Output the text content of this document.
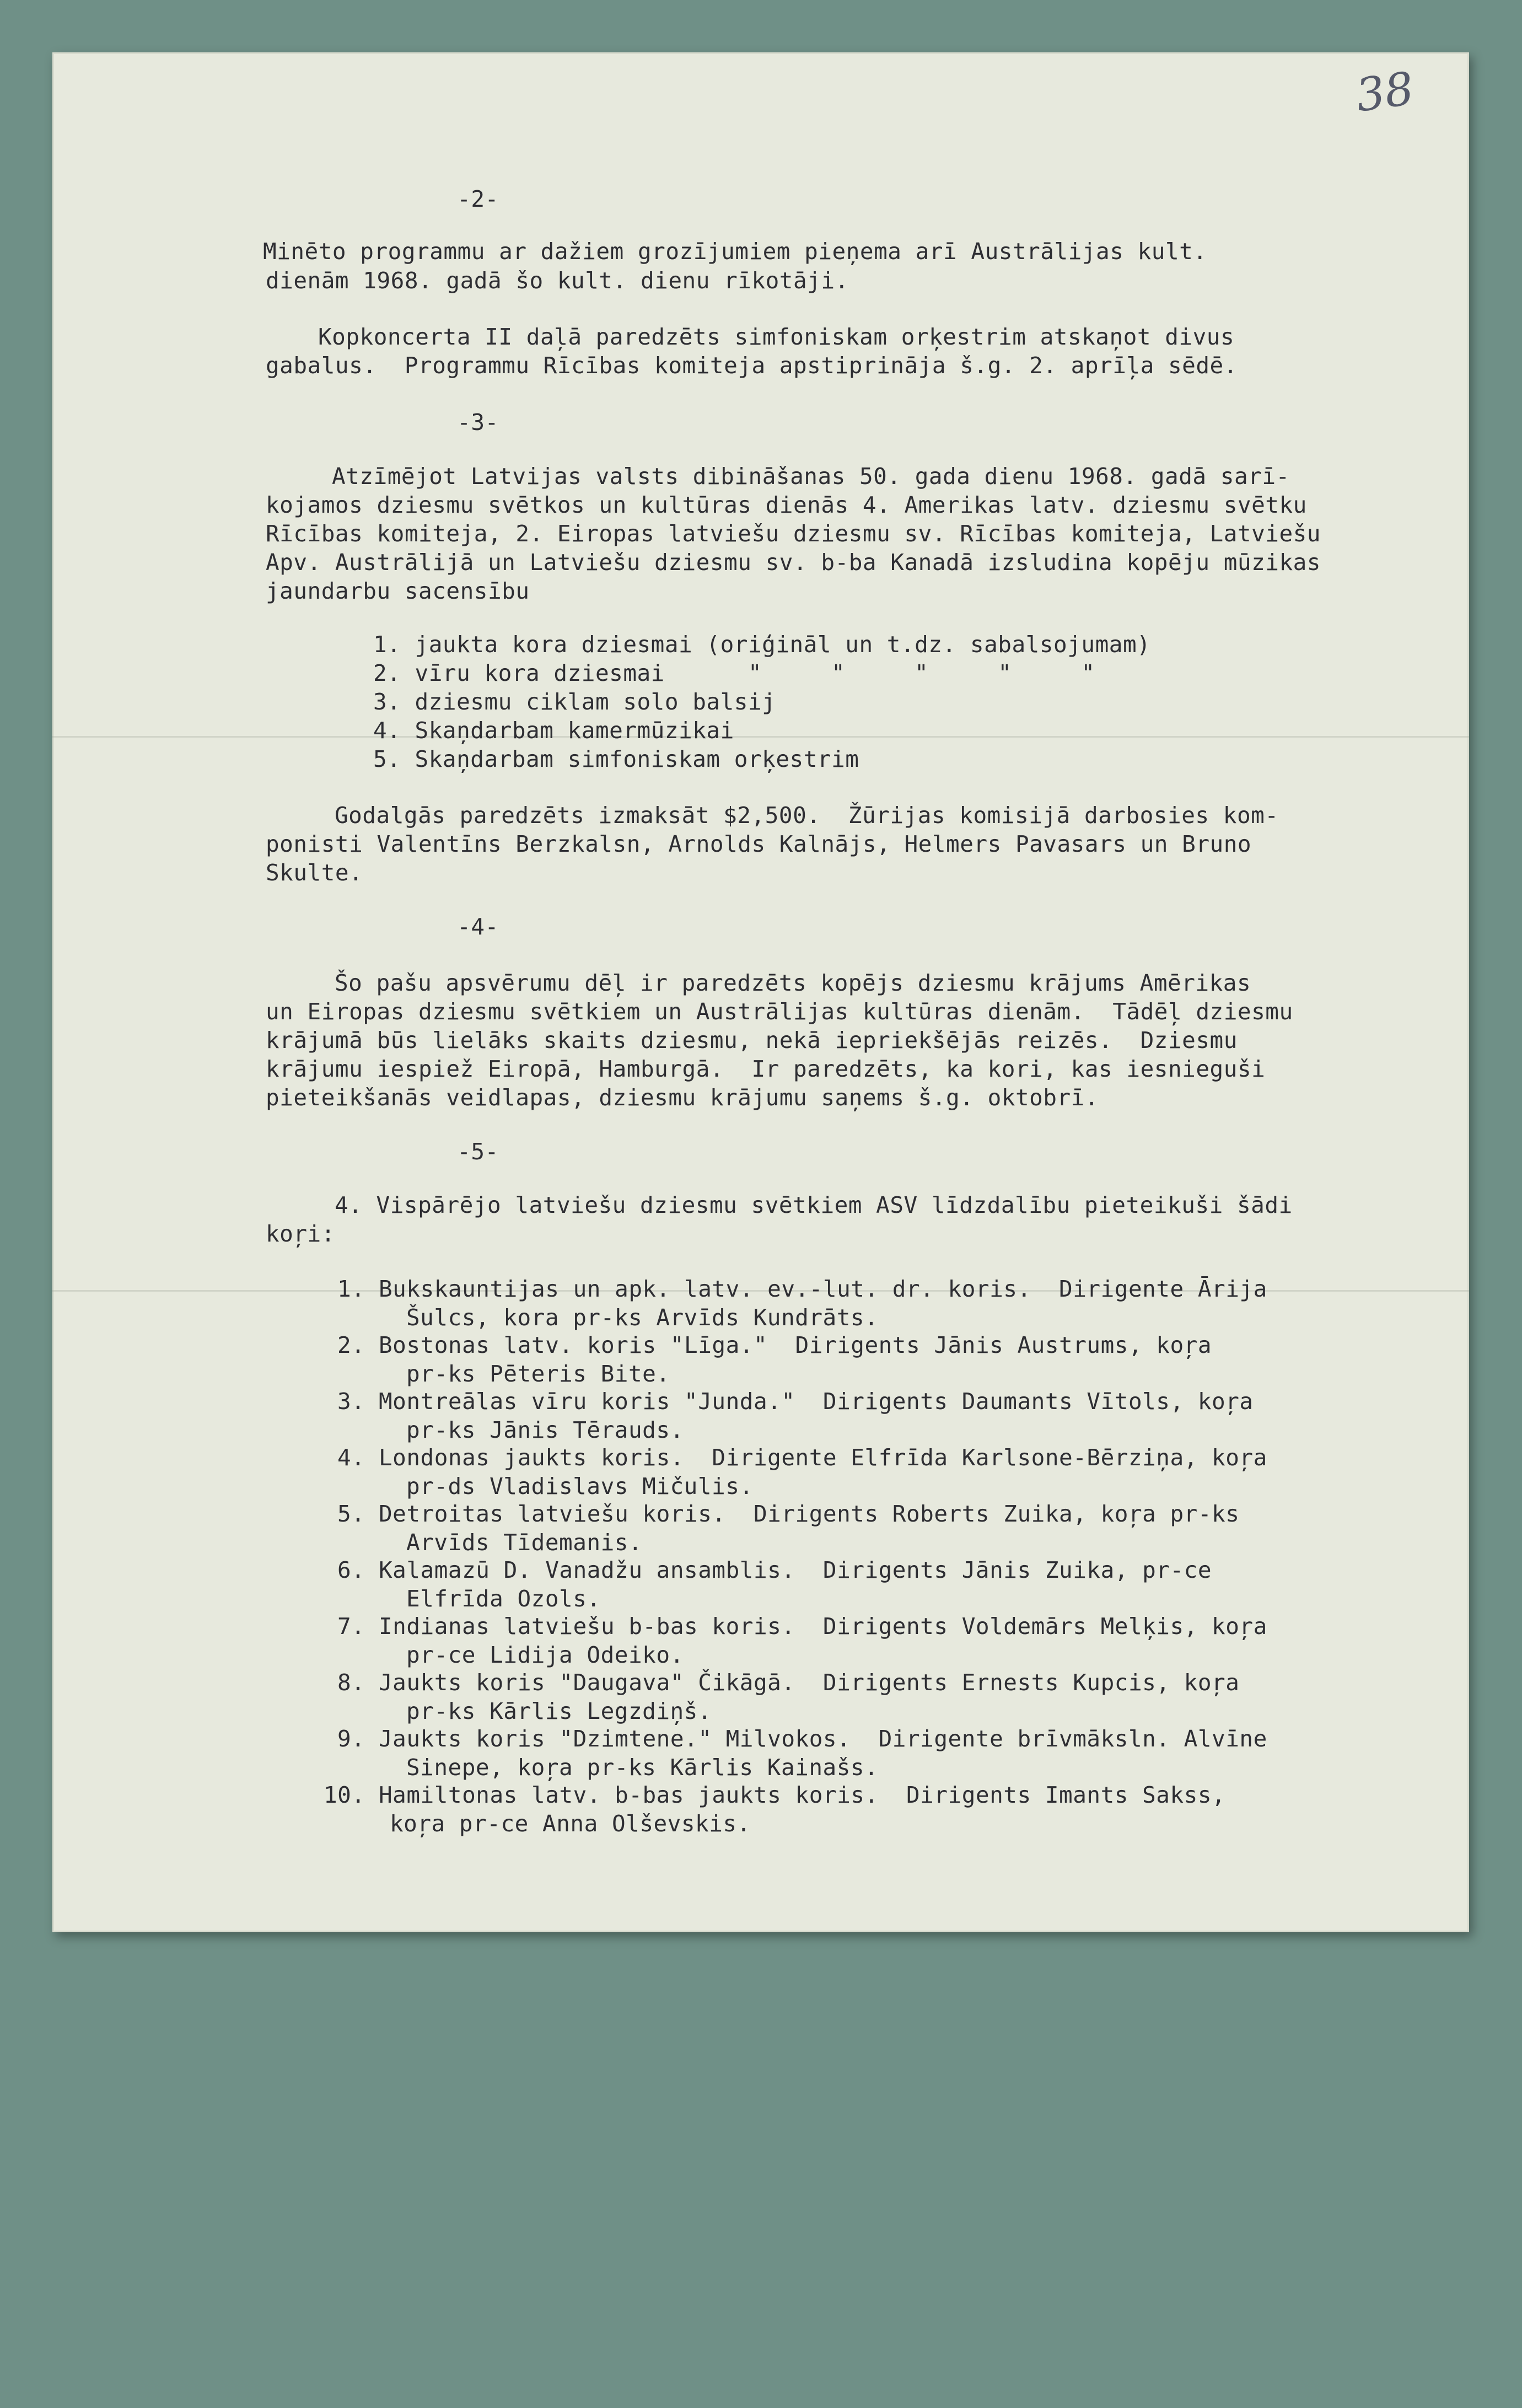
38

-2-

Minēto programmu ar dažiem grozījumiem pieņema arī Austrālijas kult.

dienām 1968. gadā šo kult. dienu rīkotāji.

Kopkoncerta II daļā paredzēts simfoniskam orķestrim atskaņot divus

gabalus.  Programmu Rīcības komiteja apstiprināja š.g. 2. aprīļa sēdē.

-3-

Atzīmējot Latvijas valsts dibināšanas 50. gada dienu 1968. gadā sarī-

kojamos dziesmu svētkos un kultūras dienās 4. Amerikas latv. dziesmu svētku

Rīcības komiteja, 2. Eiropas latviešu dziesmu sv. Rīcības komiteja, Latviešu

Apv. Austrālijā un Latviešu dziesmu sv. b-ba Kanadā izsludina kopēju mūzikas

jaundarbu sacensību

1. jaukta kora dziesmai (oriģināl un t.dz. sabalsojumam)

2. vīru kora dziesmai      "     "     "     "     "

3. dziesmu ciklam solo balsij

4. Skaņdarbam kamermūzikai

5. Skaņdarbam simfoniskam orķestrim

Godalgās paredzēts izmaksāt $2,500.  Žūrijas komisijā darbosies kom-

ponisti Valentīns Berzkalsn, Arnolds Kalnājs, Helmers Pavasars un Bruno

Skulte.

-4-

Šo pašu apsvērumu dēļ ir paredzēts kopējs dziesmu krājums Amērikas

un Eiropas dziesmu svētkiem un Austrālijas kultūras dienām.  Tādēļ dziesmu

krājumā būs lielāks skaits dziesmu, nekā iepriekšējās reizēs.  Dziesmu

krājumu iespiež Eiropā, Hamburgā.  Ir paredzēts, ka kori, kas iesnieguši

pieteikšanās veidlapas, dziesmu krājumu saņems š.g. oktobrī.

-5-

4. Vispārējo latviešu dziesmu svētkiem ASV līdzdalību pieteikuši šādi

koŗi:

1.

Bukskauntijas un apk. latv. ev.-lut. dr. koris.  Dirigente Ārija

Šulcs, kora pr-ks Arvīds Kundrāts.

2.

Bostonas latv. koris "Līga."  Dirigents Jānis Austrums, koŗa

pr-ks Pēteris Bite.

3.

Montreālas vīru koris "Junda."  Dirigents Daumants Vītols, koŗa

pr-ks Jānis Tērauds.

4.

Londonas jaukts koris.  Dirigente Elfrīda Karlsone-Bērziņa, koŗa

pr-ds Vladislavs Mičulis.

5.

Detroitas latviešu koris.  Dirigents Roberts Zuika, koŗa pr-ks

Arvīds Tīdemanis.

6.

Kalamazū D. Vanadžu ansamblis.  Dirigents Jānis Zuika, pr-ce

Elfrīda Ozols.

7.

Indianas latviešu b-bas koris.  Dirigents Voldemārs Melķis, koŗa

pr-ce Lidija Odeiko.

8.

Jaukts koris "Daugava" Čikāgā.  Dirigents Ernests Kupcis, koŗa

pr-ks Kārlis Legzdiņš.

9.

Jaukts koris "Dzimtene." Milvokos.  Dirigente brīvmāksln. Alvīne

Sinepe, koŗa pr-ks Kārlis Kainašs.

10.

Hamiltonas latv. b-bas jaukts koris.  Dirigents Imants Sakss,

koŗa pr-ce Anna Olševskis.
